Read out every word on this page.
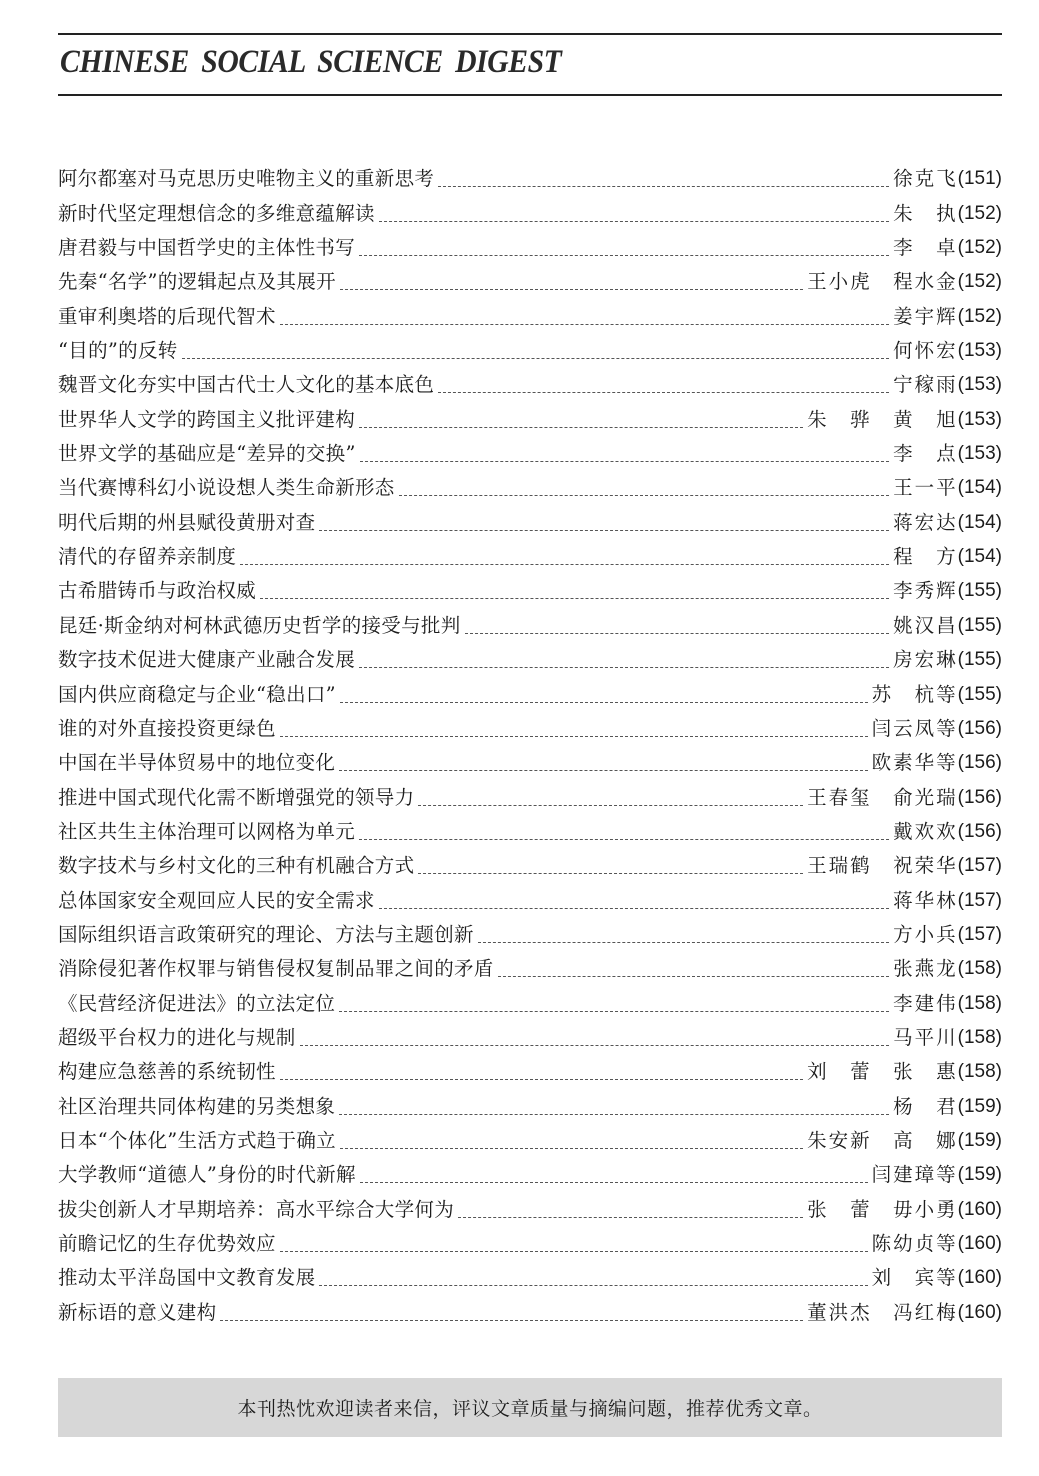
CHINESE SOCIAL SCIENCE DIGEST
阿尔都塞对马克思历史唯物主义的重新思考	徐克飞 (151)
新时代坚定理想信念的多维意蕴解读	朱　执 (152)
唐君毅与中国哲学史的主体性书写	李　卓 (152)
先秦“名学”的逻辑起点及其展开	王小虎　程水金 (152)
重审利奥塔的后现代智术	姜宇辉 (152)
“目的”的反转	何怀宏 (153)
魏晋文化夯实中国古代士人文化的基本底色	宁稼雨 (153)
世界华人文学的跨国主义批评建构	朱　骅　黄　旭 (153)
世界文学的基础应是“差异的交换”	李　点 (153)
当代赛博科幻小说设想人类生命新形态	王一平 (154)
明代后期的州县赋役黄册对查	蒋宏达 (154)
清代的存留养亲制度	程　方 (154)
古希腊铸币与政治权威	李秀辉 (155)
昆廷·斯金纳对柯林武德历史哲学的接受与批判	姚汉昌 (155)
数字技术促进大健康产业融合发展	房宏琳 (155)
国内供应商稳定与企业“稳出口”	苏　杭等 (155)
谁的对外直接投资更绿色	闫云凤等 (156)
中国在半导体贸易中的地位变化	欧素华等 (156)
推进中国式现代化需不断增强党的领导力	王春玺　俞光瑞 (156)
社区共生主体治理可以网格为单元	戴欢欢 (156)
数字技术与乡村文化的三种有机融合方式	王瑞鹤　祝荣华 (157)
总体国家安全观回应人民的安全需求	蒋华林 (157)
国际组织语言政策研究的理论、方法与主题创新	方小兵 (157)
消除侵犯著作权罪与销售侵权复制品罪之间的矛盾	张燕龙 (158)
《民营经济促进法》的立法定位	李建伟 (158)
超级平台权力的进化与规制	马平川 (158)
构建应急慈善的系统韧性	刘　蕾　张　惠 (158)
社区治理共同体构建的另类想象	杨　君 (159)
日本“个体化”生活方式趋于确立	朱安新　高　娜 (159)
大学教师“道德人”身份的时代新解	闫建璋等 (159)
拔尖创新人才早期培养：高水平综合大学何为	张　蕾　毋小勇 (160)
前瞻记忆的生存优势效应	陈幼贞等 (160)
推动太平洋岛国中文教育发展	刘　宾等 (160)
新标语的意义建构	董洪杰　冯红梅 (160)
本刊热忱欢迎读者来信，评议文章质量与摘编问题，推荐优秀文章。
